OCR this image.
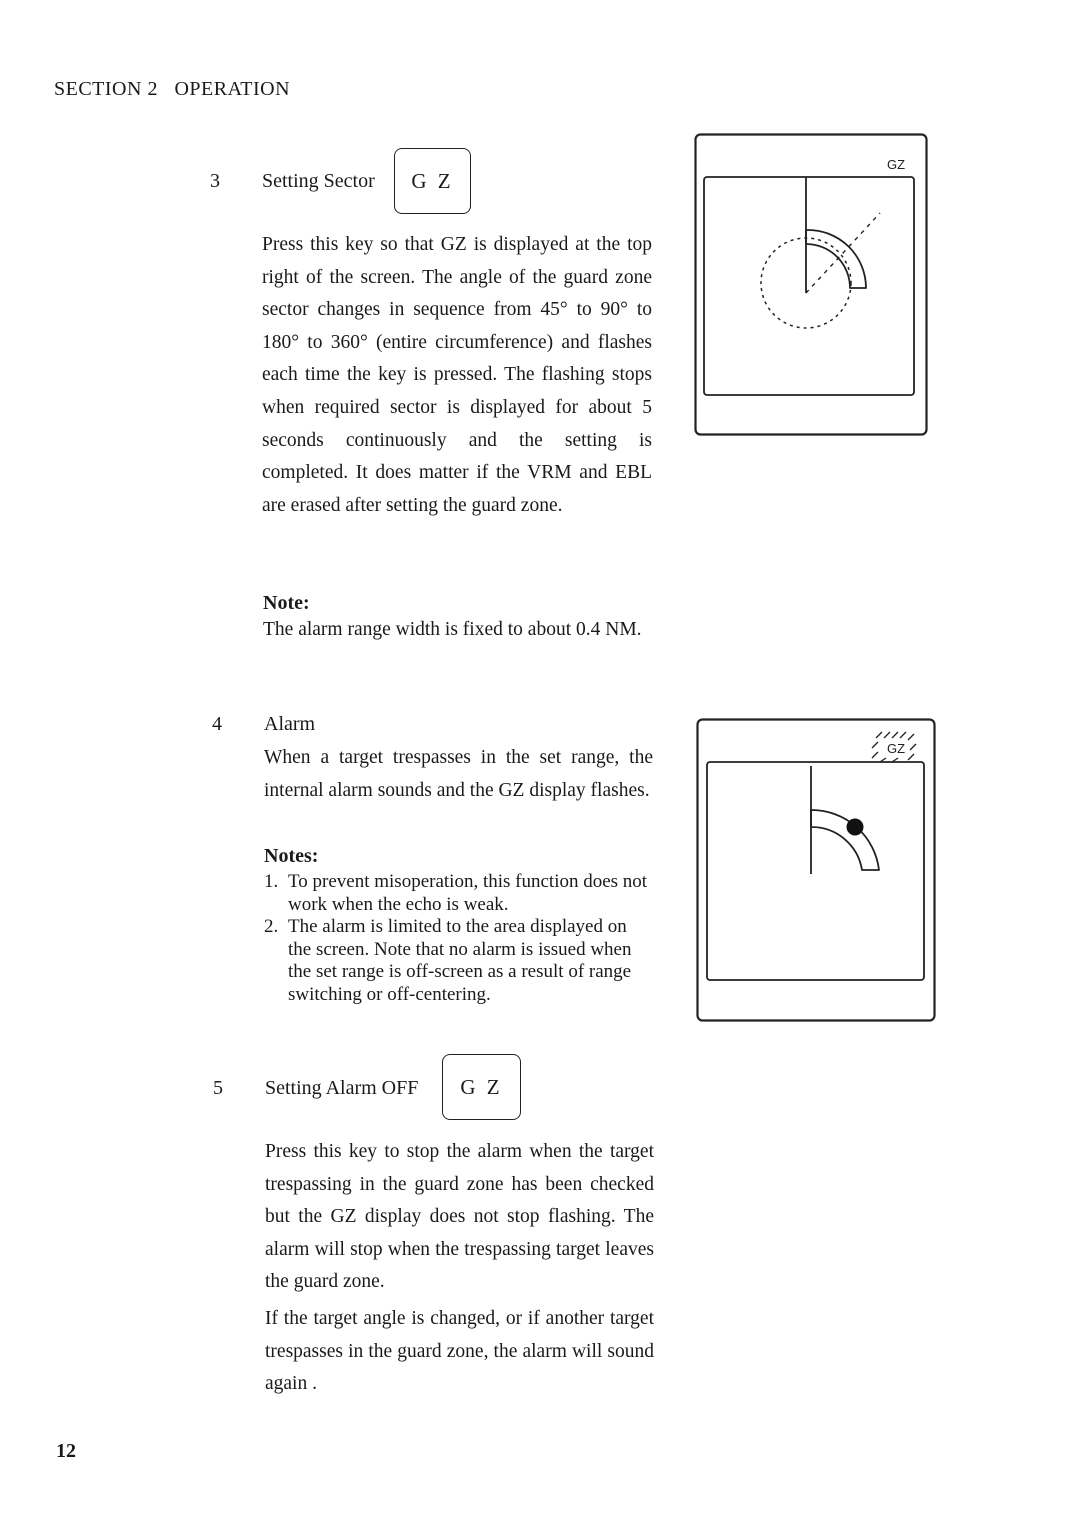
SECTION 2 OPERATION
3 Setting Sector	G Z
Press this key so that GZ is displayed at the top right of the screen. The angle of the guard zone sector changes in sequence from 45° to 90° to 180° to 360° (entire circumference) and flashes each time the key is pressed. The flashing stops when required sector is displayed for about 5 seconds continuously and the setting is completed. It does matter if the VRM and EBL are erased after setting the guard zone.
Note:
The alarm range width is fixed to about 0.4 NM.
GZ
4 Alarm
When a target trespasses in the set range, the internal alarm sounds and the GZ display flashes.
Notes:
1. To prevent misoperation, this function does not work when the echo is weak.
2. The alarm is limited to the area displayed on the screen. Note that no alarm is issued when the set range is off-screen as a result of range switching or off-centering.
GZ
5 Setting Alarm OFF	G Z
Press this key to stop the alarm when the target trespassing in the guard zone has been checked but the GZ display does not stop flashing. The alarm will stop when the trespassing target leaves the guard zone.
If the target angle is changed, or if another target trespasses in the guard zone, the alarm will sound again .
12
